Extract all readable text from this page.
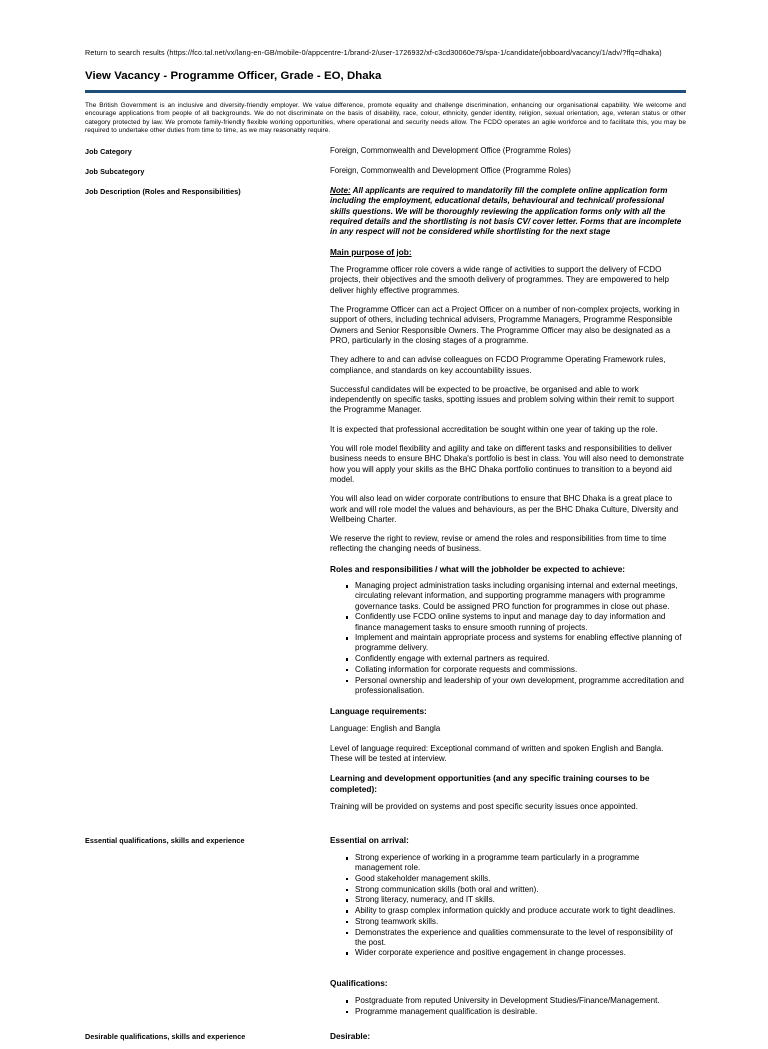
Return to search results (https://fco.tal.net/vx/lang-en-GB/mobile-0/appcentre-1/brand-2/user-1726932/xf-c3cd30060e79/spa-1/candidate/jobboard/vacancy/1/adv/?ffq=dhaka)
View Vacancy - Programme Officer, Grade - EO, Dhaka
The British Government is an inclusive and diversity-friendly employer. We value difference, promote equality and challenge discrimination, enhancing our organisational capability. We welcome and encourage applications from people of all backgrounds. We do not discriminate on the basis of disability, race, colour, ethnicity, gender identity, religion, sexual orientation, age, veteran status or other category protected by law. We promote family-friendly flexible working opportunities, where operational and security needs allow. The FCDO operates an agile workforce and to facilitate this, you may be required to undertake other duties from time to time, as we may reasonably require.
Job Category	Foreign, Commonwealth and Development Office (Programme Roles)
Job Subcategory	Foreign, Commonwealth and Development Office (Programme Roles)
Job Description (Roles and Responsibilities)	Note: All applicants are required to mandatorily fill the complete online application form including the employment, educational details, behavioural and technical/ professional skills questions. We will be thoroughly reviewing the application forms only with all the required details and the shortlisting is not basis CV/ cover letter. Forms that are incomplete in any respect will not be considered while shortlisting for the next stage

Main purpose of job:

The Programme officer role covers a wide range of activities to support the delivery of FCDO projects, their objectives and the smooth delivery of programmes. They are empowered to help deliver highly effective programmes.

The Programme Officer can act a Project Officer on a number of non-complex projects, working in support of others, including technical advisers, Programme Managers, Programme Responsible Owners and Senior Responsible Owners. The Programme Officer may also be designated as a PRO, particularly in the closing stages of a programme.

They adhere to and can advise colleagues on FCDO Programme Operating Framework rules, compliance, and standards on key accountability issues.

Successful candidates will be expected to be proactive, be organised and able to work independently on specific tasks, spotting issues and problem solving within their remit to support the Programme Manager.

It is expected that professional accreditation be sought within one year of taking up the role.

You will role model flexibility and agility and take on different tasks and responsibilities to deliver business needs to ensure BHC Dhaka's portfolio is best in class. You will also need to demonstrate how you will apply your skills as the BHC Dhaka portfolio continues to transition to a beyond aid model.

You will also lead on wider corporate contributions to ensure that BHC Dhaka is a great place to work and will role model the values and behaviours, as per the BHC Dhaka Culture, Diversity and Wellbeing Charter.

We reserve the right to review, revise or amend the roles and responsibilities from time to time reflecting the changing needs of business.

Roles and responsibilities / what will the jobholder be expected to achieve:
Managing project administration tasks including organising internal and external meetings, circulating relevant information, and supporting programme managers with programme governance tasks. Could be assigned PRO function for programmes in close out phase.
Confidently use FCDO online systems to input and manage day to day information and finance management tasks to ensure smooth running of projects.
Implement and maintain appropriate process and systems for enabling effective planning of programme delivery.
Confidently engage with external partners as required.
Collating information for corporate requests and commissions.
Personal ownership and leadership of your own development, programme accreditation and professionalisation.
Language requirements:

Language: English and Bangla

Level of language required: Exceptional command of written and spoken English and Bangla. These will be tested at interview.

Learning and development opportunities (and any specific training courses to be completed):

Training will be provided on systems and post specific security issues once appointed.

Essential qualifications, skills and experience	Essential on arrival:
Strong experience of working in a programme team particularly in a programme management role.
Good stakeholder management skills.
Strong communication skills (both oral and written).
Strong literacy, numeracy, and IT skills.
Ability to grasp complex information quickly and produce accurate work to tight deadlines.
Strong teamwork skills.
Demonstrates the experience and qualities commensurate to the level of responsibility of the post.
Wider corporate experience and positive engagement in change processes.
Qualifications:
Postgraduate from reputed University in Development Studies/Finance/Management.
Programme management qualification is desirable.
Desirable qualifications, skills and experience	Desirable:
